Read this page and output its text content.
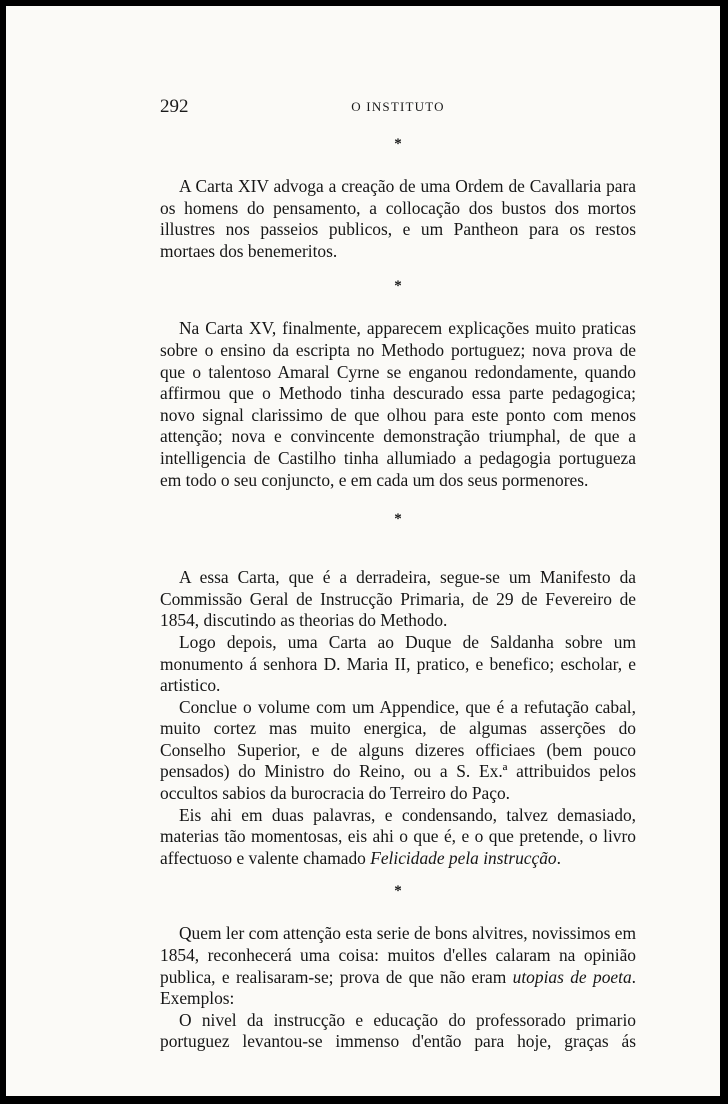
292	O INSTITUTO
*

A Carta XIV advoga a creação de uma Ordem de Cavallaria para os homens do pensamento, a collocação dos bustos dos mortos illustres nos passeios publicos, e um Pantheon para os restos mortaes dos benemeritos.

*

Na Carta XV, finalmente, apparecem explicações muito praticas sobre o ensino da escripta no Methodo portuguez; nova prova de que o talentoso Amaral Cyrne se enganou redondamente, quando affirmou que o Methodo tinha descurado essa parte pedagogica; novo signal clarissimo de que olhou para este ponto com menos attenção; nova e convincente demonstração triumphal, de que a intelligencia de Castilho tinha allumiado a pedagogia portugueza em todo o seu conjuncto, e em cada um dos seus pormenores.

*

A essa Carta, que é a derradeira, segue-se um Manifesto da Commissão Geral de Instrucção Primaria, de 29 de Fevereiro de 1854, discutindo as theorias do Methodo.

Logo depois, uma Carta ao Duque de Saldanha sobre um monumento á senhora D. Maria II, pratico, e benefico; escholar, e artistico.

Conclue o volume com um Appendice, que é a refutação cabal, muito cortez mas muito energica, de algumas asserções do Conselho Superior, e de alguns dizeres officiaes (bem pouco pensados) do Ministro do Reino, ou a S. Ex.ª attribuidos pelos occultos sabios da burocracia do Terreiro do Paço.

Eis ahi em duas palavras, e condensando, talvez demasiado, materias tão momentosas, eis ahi o que é, e o que pretende, o livro affectuoso e valente chamado Felicidade pela instrucção.

*

Quem ler com attenção esta serie de bons alvitres, novissimos em 1854, reconhecerá uma coisa: muitos d'elles calaram na opinião publica, e realisaram-se; prova de que não eram utopias de poeta. Exemplos:

O nivel da instrucção e educação do professorado primario portuguez levantou-se immenso d'então para hoje, graças ás
